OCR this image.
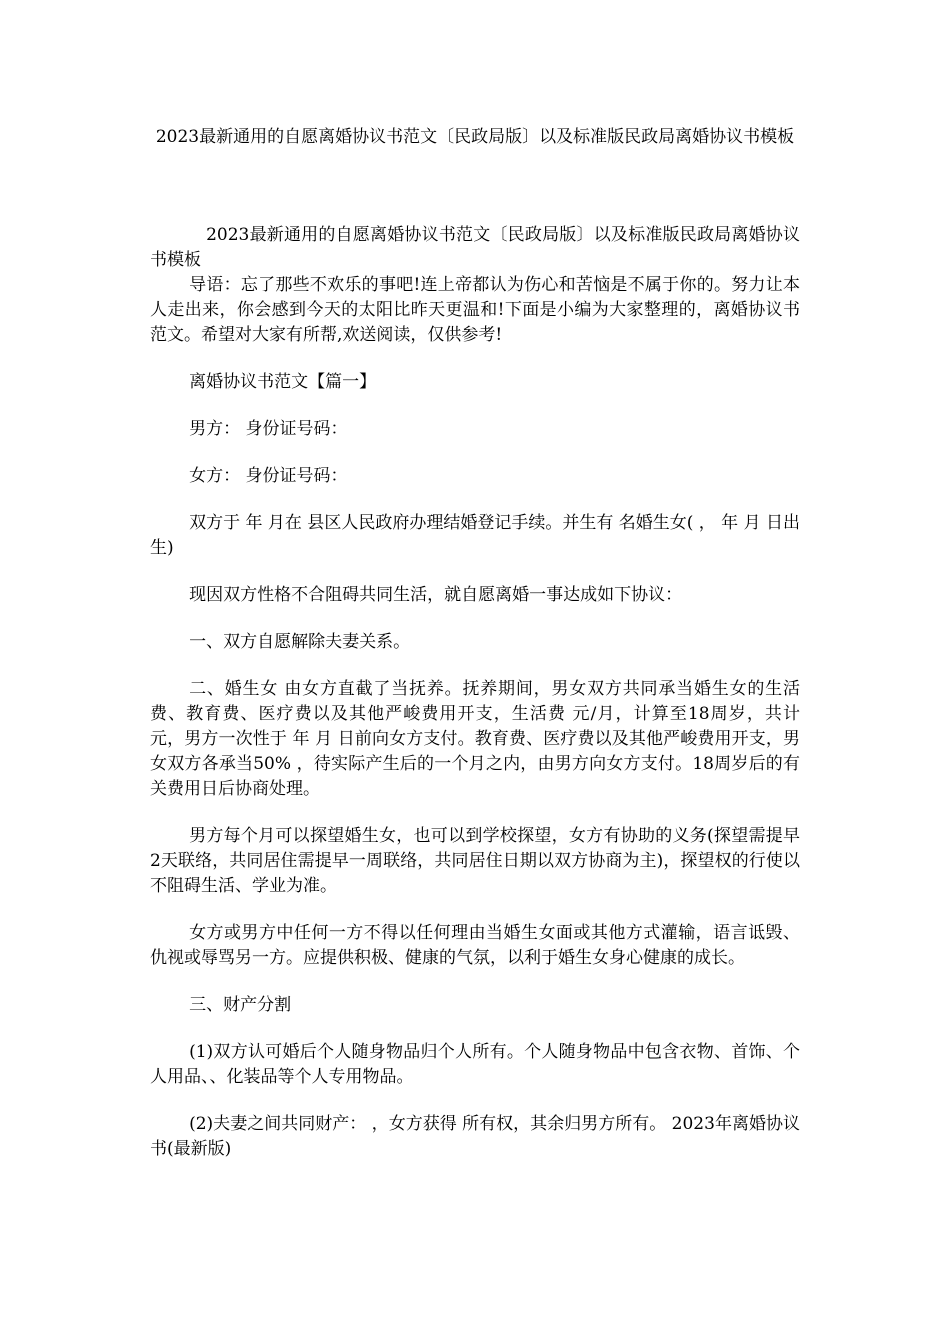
2023最新通用的自愿离婚协议书范文〔民政局版〕以及标准版民政局离婚协议书模板

2023最新通用的自愿离婚协议书范文〔民政局版〕以及标准版民政局离婚协议书模板

导语：忘了那些不欢乐的事吧!连上帝都认为伤心和苦恼是不属于你的。努力让本人走出来，你会感到今天的太阳比昨天更温和!下面是小编为大家整理的，离婚协议书范文。希望对大家有所帮,欢送阅读，仅供参考!

离婚协议书范文【篇一】

男方： 身份证号码：

女方： 身份证号码：

双方于 年 月在 县区人民政府办理结婚登记手续。并生有 名婚生女( ， 年 月 日出生)

现因双方性格不合阻碍共同生活，就自愿离婚一事达成如下协议：

一、双方自愿解除夫妻关系。

二、婚生女 由女方直截了当抚养。抚养期间，男女双方共同承当婚生女的生活费、教育费、医疗费以及其他严峻费用开支，生活费 元/月，计算至18周岁，共计 元，男方一次性于 年 月 日前向女方支付。教育费、医疗费以及其他严峻费用开支，男女双方各承当50% ，待实际产生后的一个月之内，由男方向女方支付。18周岁后的有关费用日后协商处理。

男方每个月可以探望婚生女，也可以到学校探望，女方有协助的义务(探望需提早2天联络，共同居住需提早一周联络，共同居住日期以双方协商为主)，探望权的行使以不阻碍生活、学业为准。

女方或男方中任何一方不得以任何理由当婚生女面或其他方式灌输，语言诋毁、仇视或辱骂另一方。应提供积极、健康的气氛，以利于婚生女身心健康的成长。

三、财产分割

(1)双方认可婚后个人随身物品归个人所有。个人随身物品中包含衣物、首饰、个人用品、、化装品等个人专用物品。

(2)夫妻之间共同财产： ，女方获得 所有权，其余归男方所有。 2023年离婚协议书(最新版)
